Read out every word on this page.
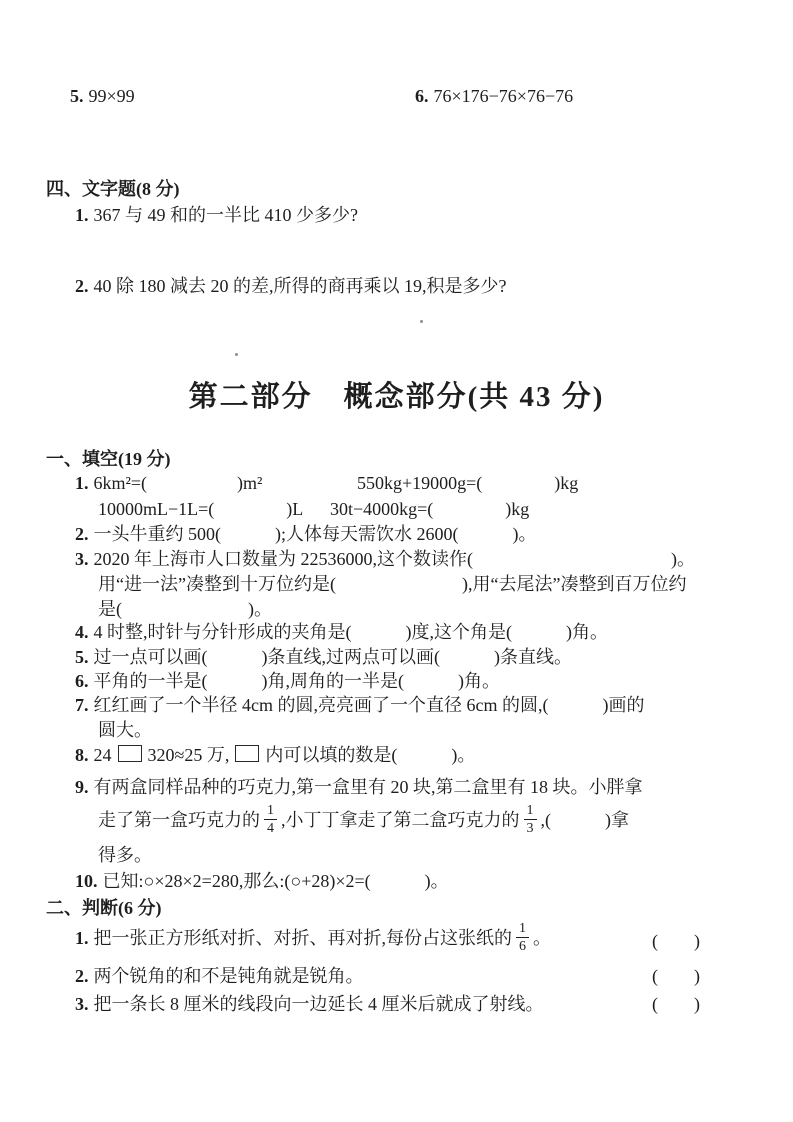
5. 99×99	6. 76×176−76×76−76
四、文字题(8 分)
1. 367 与 49 和的一半比 410 少多少?
2. 40 除 180 减去 20 的差,所得的商再乘以 19,积是多少?
第二部分　概念部分(共 43 分)
一、填空(19 分)
1. 6km²=(　　　　　)m²	550kg+19000g=(　　　　)kg
10000mL−1L=(　　　　)L 30t−4000kg=(　　　　)kg
2. 一头牛重约 500(　　　);人体每天需饮水 2600(　　　)。
3. 2020 年上海市人口数量为 22536000,这个数读作(　　　　　　　　　　　)。
用“进一法”凑整到十万位约是(　　　　　　　),用“去尾法”凑整到百万位约
是(　　　　　　　)。
4. 4 时整,时针与分针形成的夹角是(　　　)度,这个角是(　　　)角。
5. 过一点可以画(　　　)条直线,过两点可以画(　　　)条直线。
6. 平角的一半是(　　　)角,周角的一半是(　　　)角。
7. 红红画了一个半径 4cm 的圆,亮亮画了一个直径 6cm 的圆,(　　　)画的
圆大。
8. 24 320≈25 万, 内可以填的数是(　　　)。
9. 有两盒同样品种的巧克力,第一盒里有 20 块,第二盒里有 18 块。小胖拿
走了第一盒巧克力的 $\frac{1}{4}$ ,小丁丁拿走了第二盒巧克力的 $\frac{1}{3}$ ,(　　　)拿
得多。
10. 已知:○×28×2=280,那么:(○+28)×2=(　　　)。
二、判断(6 分)
1. 把一张正方形纸对折、对折、再对折,每份占这张纸的 $\frac{1}{6}$ 。	(　　)
2. 两个锐角的和不是钝角就是锐角。	(　　)
3. 把一条长 8 厘米的线段向一边延长 4 厘米后就成了射线。	(　　)
